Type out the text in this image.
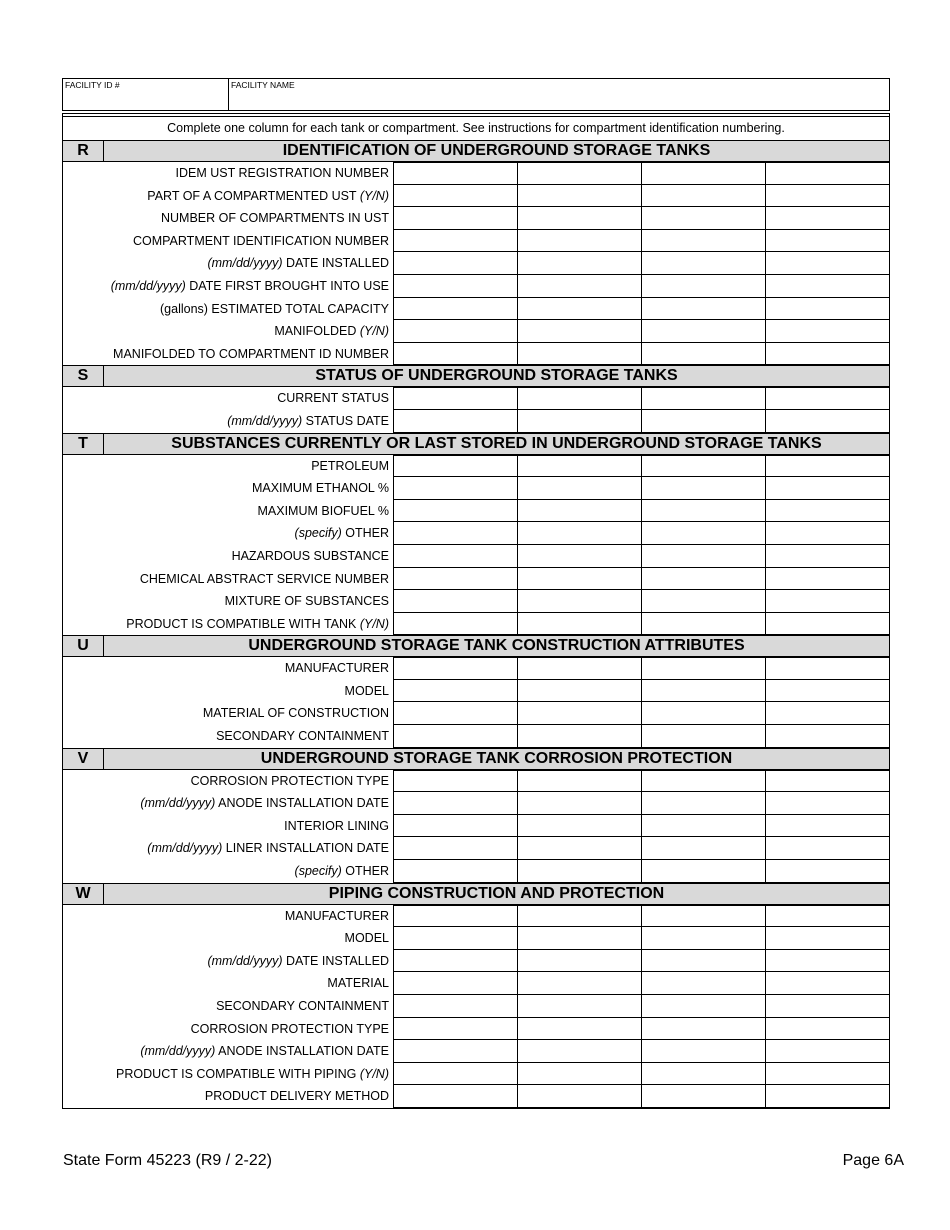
FACILITY ID #	FACILITY NAME
Complete one column for each tank or compartment. See instructions for compartment identification numbering.
R	IDENTIFICATION OF UNDERGROUND STORAGE TANKS
IDEM UST REGISTRATION NUMBER
PART OF A COMPARTMENTED UST (Y/N)
NUMBER OF COMPARTMENTS IN UST
COMPARTMENT IDENTIFICATION NUMBER
(mm/dd/yyyy) DATE INSTALLED
(mm/dd/yyyy) DATE FIRST BROUGHT INTO USE
(gallons) ESTIMATED TOTAL CAPACITY
MANIFOLDED (Y/N)
MANIFOLDED TO COMPARTMENT ID NUMBER
S	STATUS OF UNDERGROUND STORAGE TANKS
CURRENT STATUS
(mm/dd/yyyy) STATUS DATE
T	SUBSTANCES CURRENTLY OR LAST STORED IN UNDERGROUND STORAGE TANKS
PETROLEUM
MAXIMUM ETHANOL %
MAXIMUM BIOFUEL %
(specify) OTHER
HAZARDOUS SUBSTANCE
CHEMICAL ABSTRACT SERVICE NUMBER
MIXTURE OF SUBSTANCES
PRODUCT IS COMPATIBLE WITH TANK (Y/N)
U	UNDERGROUND STORAGE TANK CONSTRUCTION ATTRIBUTES
MANUFACTURER
MODEL
MATERIAL OF CONSTRUCTION
SECONDARY CONTAINMENT
V	UNDERGROUND STORAGE TANK CORROSION PROTECTION
CORROSION PROTECTION TYPE
(mm/dd/yyyy) ANODE INSTALLATION DATE
INTERIOR LINING
(mm/dd/yyyy) LINER INSTALLATION DATE
(specify) OTHER
W	PIPING CONSTRUCTION AND PROTECTION
MANUFACTURER
MODEL
(mm/dd/yyyy) DATE INSTALLED
MATERIAL
SECONDARY CONTAINMENT
CORROSION PROTECTION TYPE
(mm/dd/yyyy) ANODE INSTALLATION DATE
PRODUCT IS COMPATIBLE WITH PIPING (Y/N)
PRODUCT DELIVERY METHOD
State Form 45223 (R9 / 2-22)	Page 6A
